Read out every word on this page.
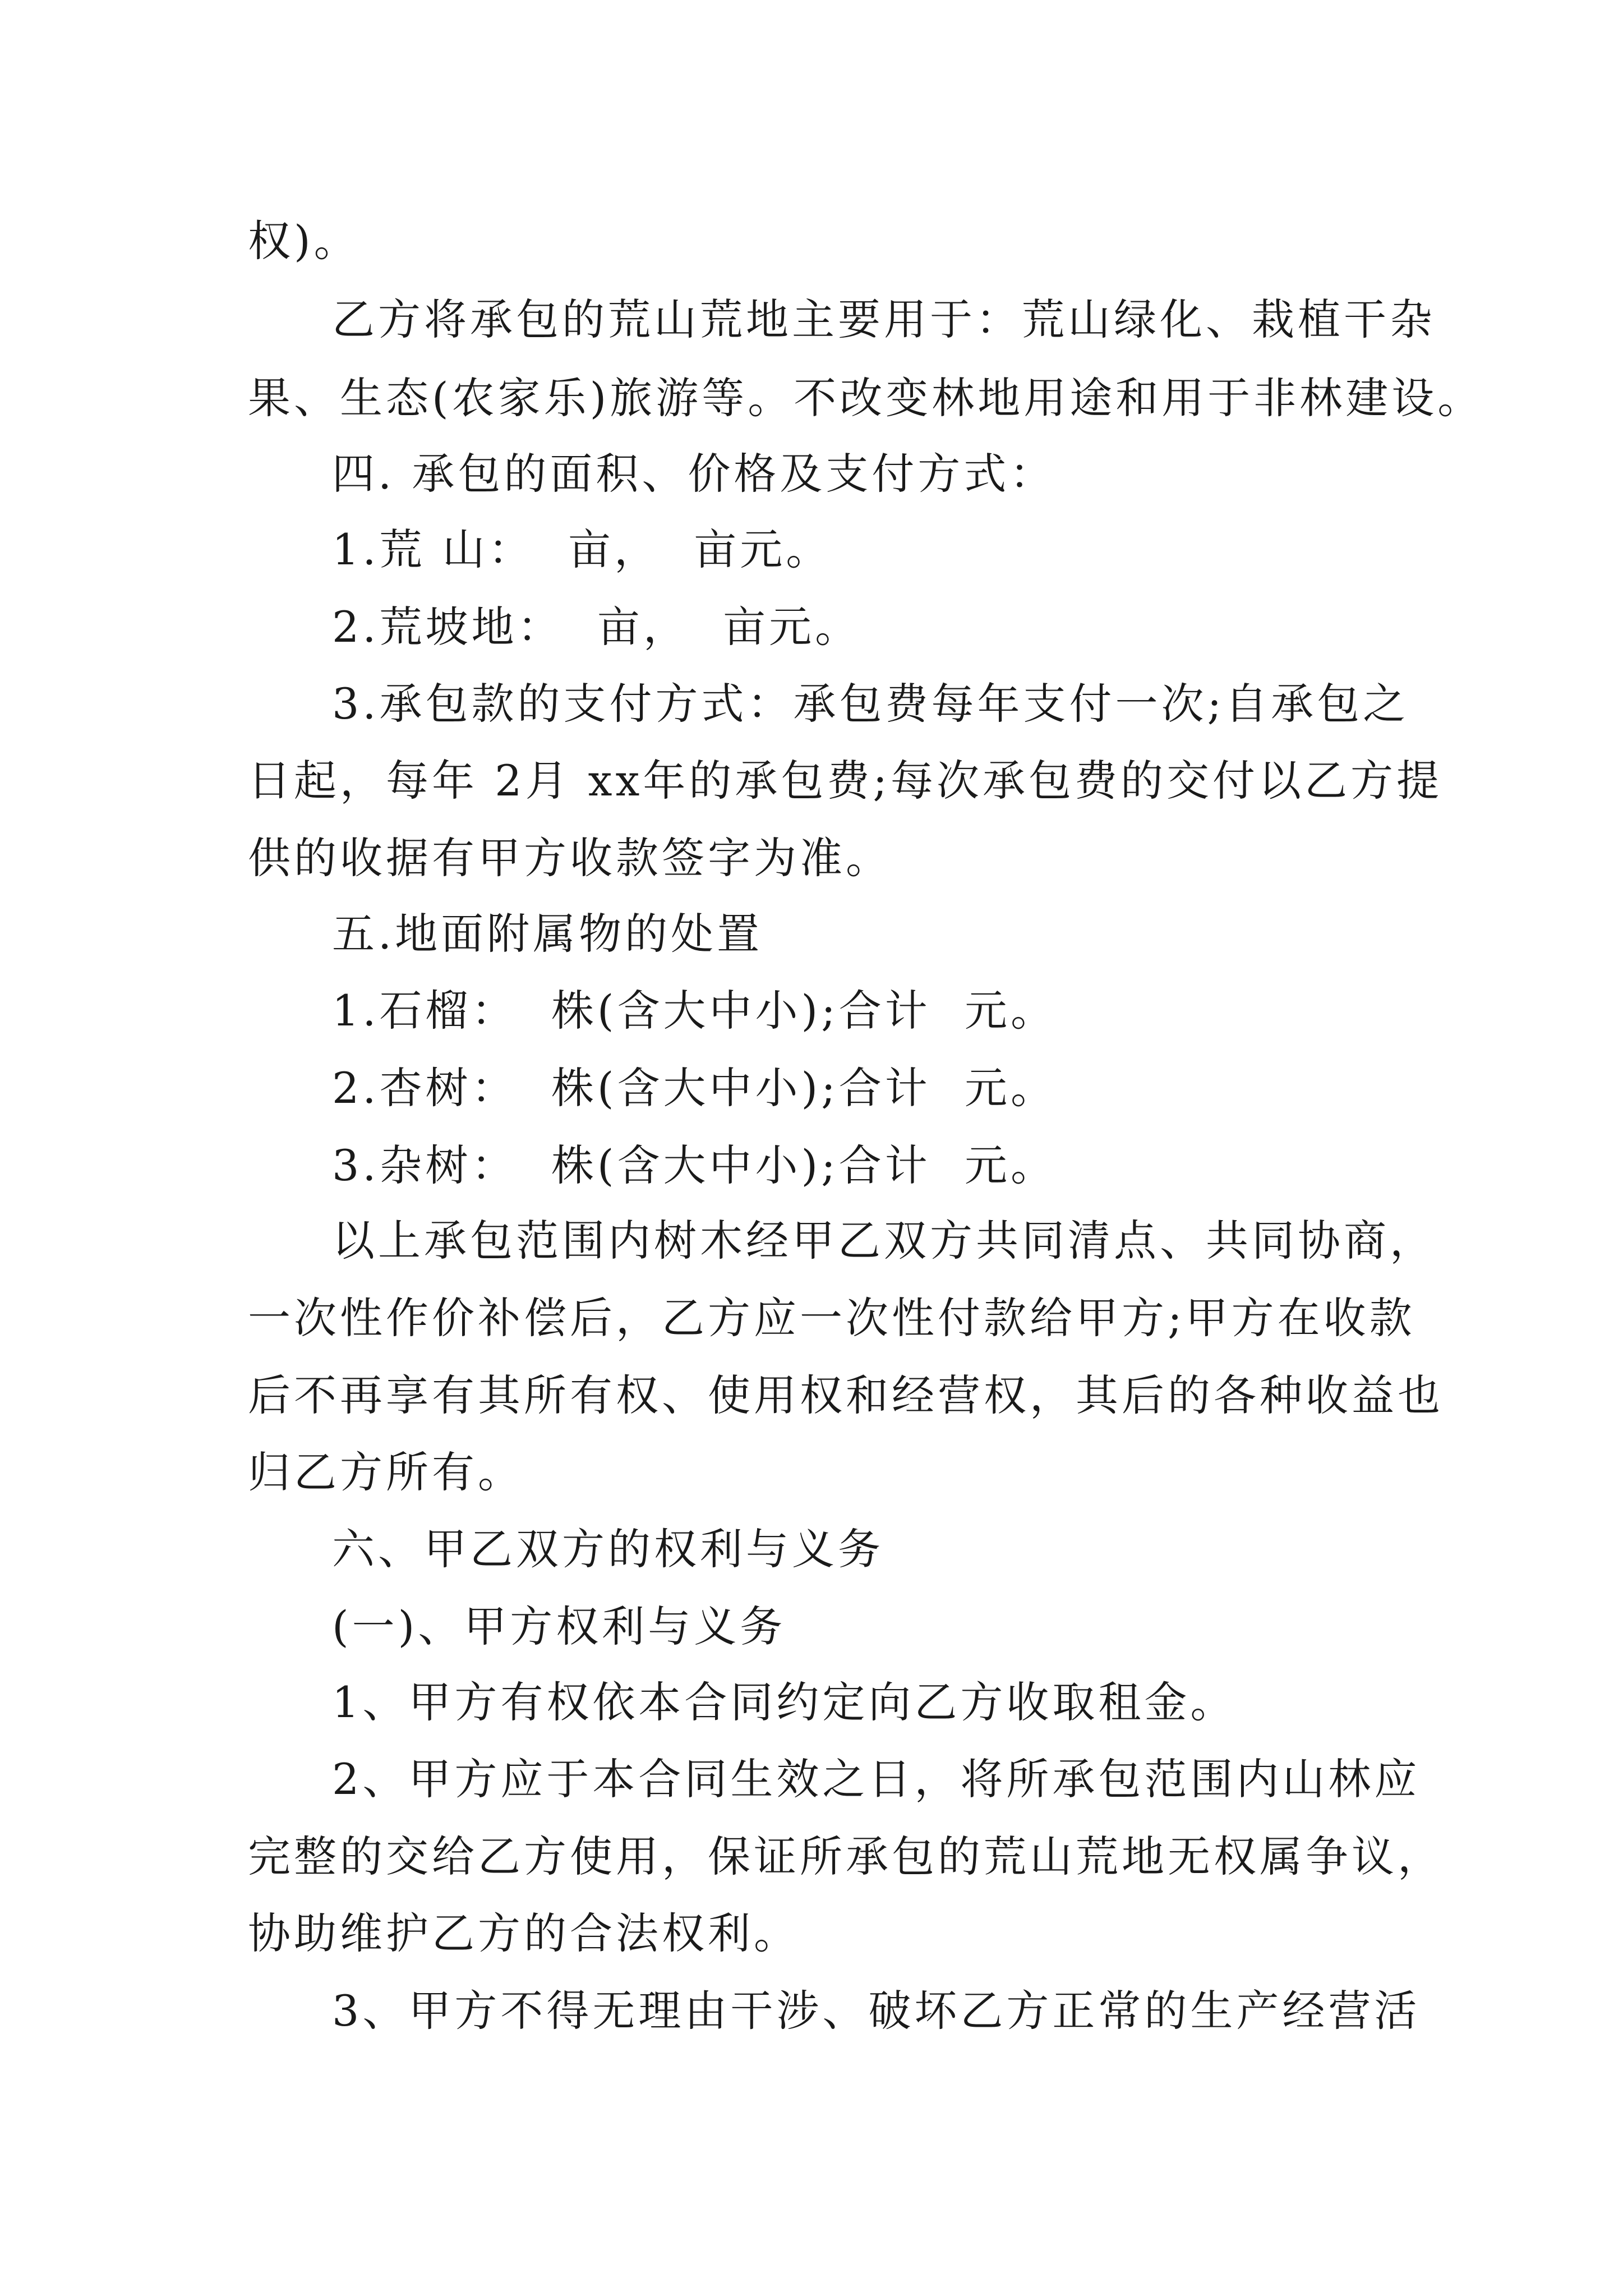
权)。
乙方将承包的荒山荒地主要用于：荒山绿化、栽植干杂
果、生态(农家乐)旅游等。不改变林地用途和用于非林建设。
四. 承包的面积、价格及支付方式：
1.荒 山：  亩，  亩元。
2.荒坡地：  亩，  亩元。
3.承包款的支付方式：承包费每年支付一次;自承包之
日起，每年 2月 xx年的承包费;每次承包费的交付以乙方提
供的收据有甲方收款签字为准。
五.地面附属物的处置
1.石榴：  株(含大中小);合计  元。
2.杏树：  株(含大中小);合计  元。
3.杂树：  株(含大中小);合计  元。
以上承包范围内树木经甲乙双方共同清点、共同协商，
一次性作价补偿后，乙方应一次性付款给甲方;甲方在收款
后不再享有其所有权、使用权和经营权，其后的各种收益也
归乙方所有。
六、甲乙双方的权利与义务
(一)、甲方权利与义务
1、甲方有权依本合同约定向乙方收取租金。
2、甲方应于本合同生效之日，将所承包范围内山林应
完整的交给乙方使用，保证所承包的荒山荒地无权属争议，
协助维护乙方的合法权利。
3、甲方不得无理由干涉、破坏乙方正常的生产经营活
